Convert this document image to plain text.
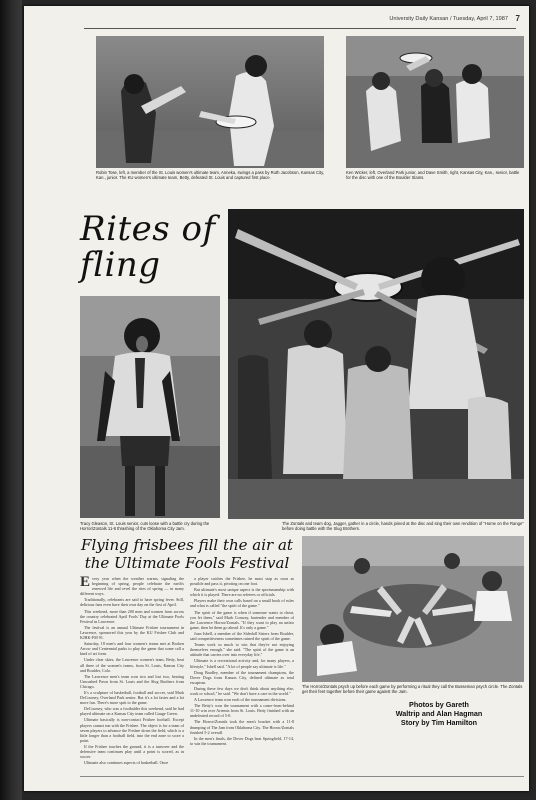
University Daily Kansan / Tuesday, April 7, 1987 7
Robin Tose, left, a member of the St. Louis women's ultimate team, Anneka, swings a pass by Ruth Jacobson, Kansas City, Kan., junior. The KU women's ultimate team, Betty, defeated St. Louis and captured first place.
Ken Wicker, left, Overland Park junior, and Dave Smith, right, Kansas City, Kan., senior, battle for the disc with one of the Boulder Slams.
Rites of fling
Tracy Gleason, St. Louis senior, cuts loose with a battle cry during the Horror/Zontals 11-8 thrashing of the Oklahoma City Jam.
The Zontals and team dog, Jagger, gather in a circle, hands joined at the disc and sing their own rendition of "Home on the Range" before doing battle with the Slug Brothers.
Flying frisbees fill the air at the Ultimate Fools Festival
E very year when the weather warms, signaling the beginning of spring, people celebrate the earth's renewed life and revel the rites of spring — in many different ways.

Traditionally, celebrants are said to have spring fever. Still, delirious fans even have their own day on the first of April.

This weekend, more than 200 men and women from across the country celebrated April Fools' Day at the Ultimate Fools Festival in Lawrence.

The festival is an annual Ultimate Frisbee tournament in Lawrence, sponsored this year by the KU Frisbee Club and KJHK-FM 91.

Saturday, 18 men's and four women's teams met at Broken Arrow and Centennial parks to play the game that some call a kind of art form.

Under clear skies, the Lawrence women's team, Betty, beat all three of the women's teams, from St. Louis, Kansas City and Boulder, Colo.

The Lawrence men's team won two and lost two, beating Unwashed Pawn from St. Louis and the Slug Brothers from Chicago.

It's a sculpture of basketball, football and soccer, said Mark DeCoursey, Overland Park senior. But it's a lot faster and a lot more fun. There's more sprit to the game.

DeCoursey, who was a footbalder this weekend, said he had played ultimate on a Kansas City team called Gauge Green.

Ultimate basically is non-contact Frisbee football. Except players cannot run with the Frisbee. The object is for a team of seven players to advance the Frisbee down the field, which is a little longer than a football field, into the end zone to score a point.

If the Frisbee touches the ground, it is a turnover and the defensive team continues play until a point is scored, as in soccer.

Ultimate also continues aspects of basketball. Once

a player catches the Frisbee, he must stop as soon as possible and pass it, pivoting on one foot.

But ultimate's most unique aspect is the sportsmanship with which it is played. There are no referees or officials.

Players make their own calls based on a small book of rules and what is called "the spirit of the game."

The spirit of the game is when if someone wants to cheat, you let them," said Mark Conway, bartender and member of the Lawrence Horror/Zontals. "If they want to play an unfair game, then let them go ahead. It's only a game."

Joan Isbell, a member of the Sidedoll Sisters from Boulder, said competitiveness sometimes ruined the spirit of the game.

Teams work so much to win that they're not enjoying themselves enough," she said. "The spirit of the game is an attitude that carries over into everyday life."

Ultimate is a recreational activity and, for many players, a lifestyle," Isbell said. "A lot of people say ultimate is life."

Doug Bradley, member of the tournament champions, the Dover Dogs from Kansas City, defined ultimate as total escapism.

During these few days we don't think about anything else, work or school," he said. "We don't have a care in the world."

A Lawrence team won each of the tournament divisions.

The Betty's won the tournament with a come-from-behind 11-10 win over Artemis from St. Louis. Betty finished with an undefeated record of 5-0.

The Horror/Zontals took the men's bracket with a 11-8 thumping of The Jam from Oklahoma City. The Horror/Zontals finished 5-2 overall.

In the men's finals, the Dover Dogs beat Springfield, 17-14, to win the tournament.

The Horror/Zontals psych up before each game by performing a ritual they call the Busseman psych circle. The Zontals get their feet together before their game against the Jam.
Photos by Gareth
Waltrip and Alan Hagman
Story by Tim Hamilton
